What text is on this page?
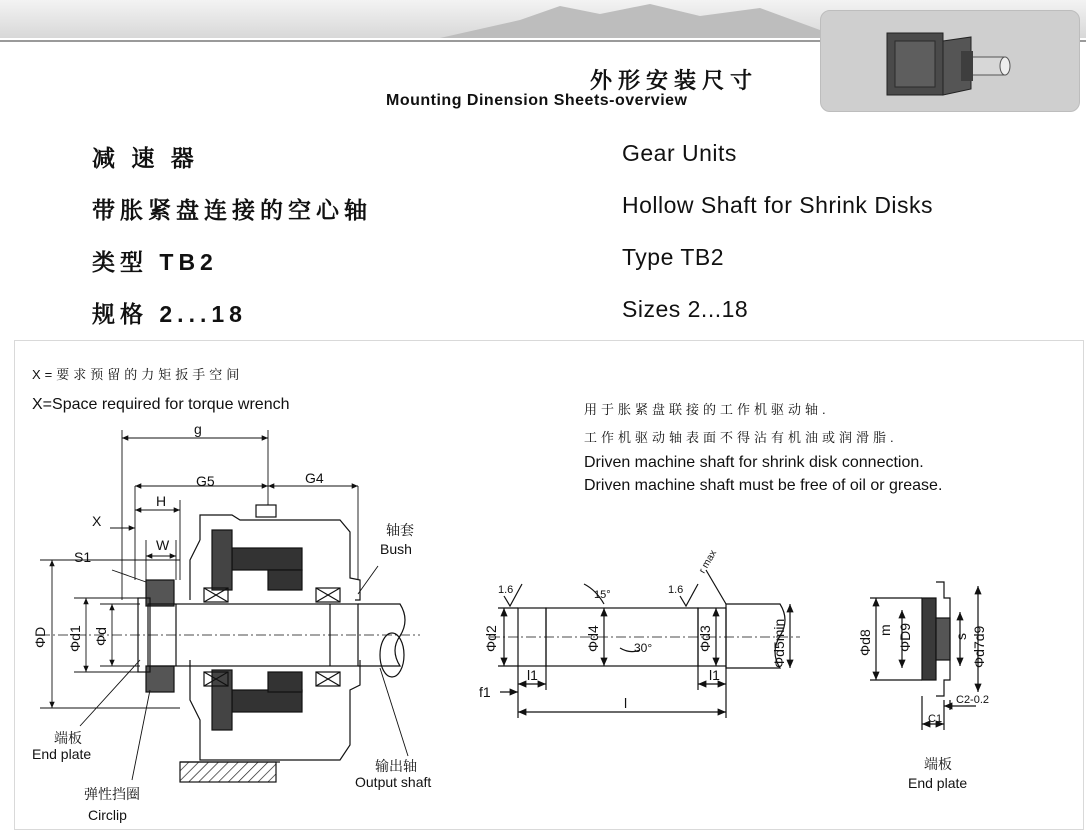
外形安装尺寸
Mounting Dinension Sheets-overview
减 速 器	Gear Units
带胀紧盘连接的空心轴	Hollow Shaft for Shrink Disks
类型 TB2	Type TB2
规格 2...18	Sizes 2...18
X=要求预留的力矩扳手空间
X=Space required for torque wrench	用于胀紧盘联接的工作机驱动轴.
工作机驱动轴表面不得沾有机油或润滑脂.
Driven machine shaft for shrink disk connection.
Driven machine shaft must be free of oil or grease.
g
G5	G4
H
X
W
S1
ΦD Φd1 Φd
1.6	15°	1.6
r max
30°
Φd2	Φd4	Φd3	Φd5min
l1	l1
f1
l
Φd8 m ΦD9	s Φd7d9
C2-0.2
C1
轴套
Bush
端板
End plate
弹性挡圈
Circlip
输出轴
Output shaft
端板
End plate
